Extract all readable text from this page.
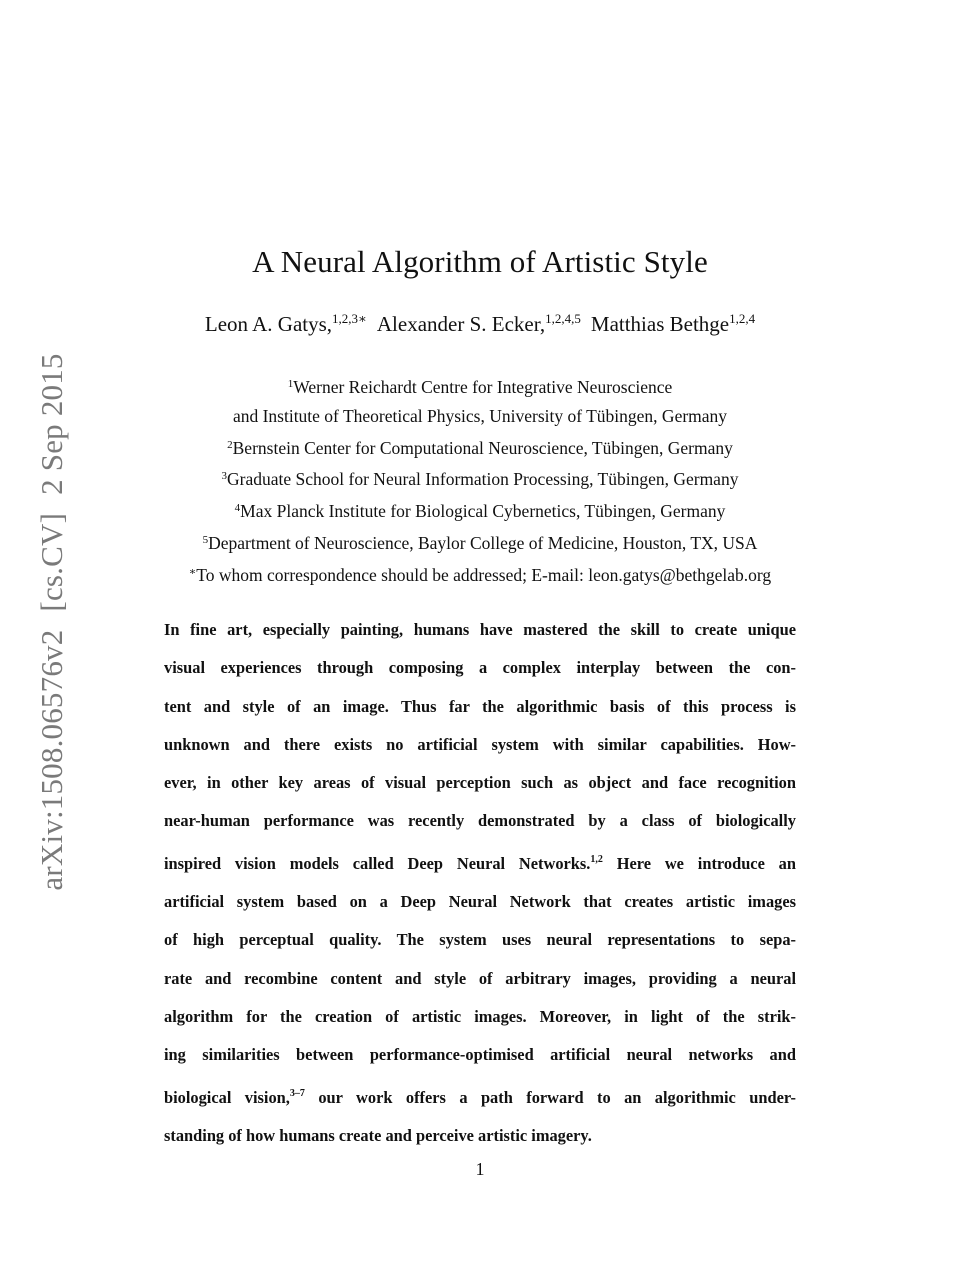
arXiv:1508.06576v2[cs.CV]2 Sep 2015
A Neural Algorithm of Artistic Style
Leon A. Gatys,$^{1,2,3∗}$ Alexander S. Ecker,$^{1,2,4,5}$ Matthias Bethge$^{1,2,4}$
$^1$Werner Reichardt Centre for Integrative Neuroscience
and Institute of Theoretical Physics, University of Tübingen, Germany
$^2$Bernstein Center for Computational Neuroscience, Tübingen, Germany
$^3$Graduate School for Neural Information Processing, Tübingen, Germany
$^4$Max Planck Institute for Biological Cybernetics, Tübingen, Germany
$^5$Department of Neuroscience, Baylor College of Medicine, Houston, TX, USA
∗To whom correspondence should be addressed; E-mail: leon.gatys@bethgelab.org
In fine art, especially painting, humans have mastered the skill to create unique
visual experiences through composing a complex interplay between the con-
tent and style of an image. Thus far the algorithmic basis of this process is
unknown and there exists no artificial system with similar capabilities. How-
ever, in other key areas of visual perception such as object and face recognition
near-human performance was recently demonstrated by a class of biologically
inspired vision models called Deep Neural Networks.$^{1,2}$ Here we introduce an
artificial system based on a Deep Neural Network that creates artistic images
of high perceptual quality. The system uses neural representations to sepa-
rate and recombine content and style of arbitrary images, providing a neural
algorithm for the creation of artistic images. Moreover, in light of the strik-
ing similarities between performance-optimised artificial neural networks and
biological vision,$^{3-7}$ our work offers a path forward to an algorithmic under-
standing of how humans create and perceive artistic imagery.
1
